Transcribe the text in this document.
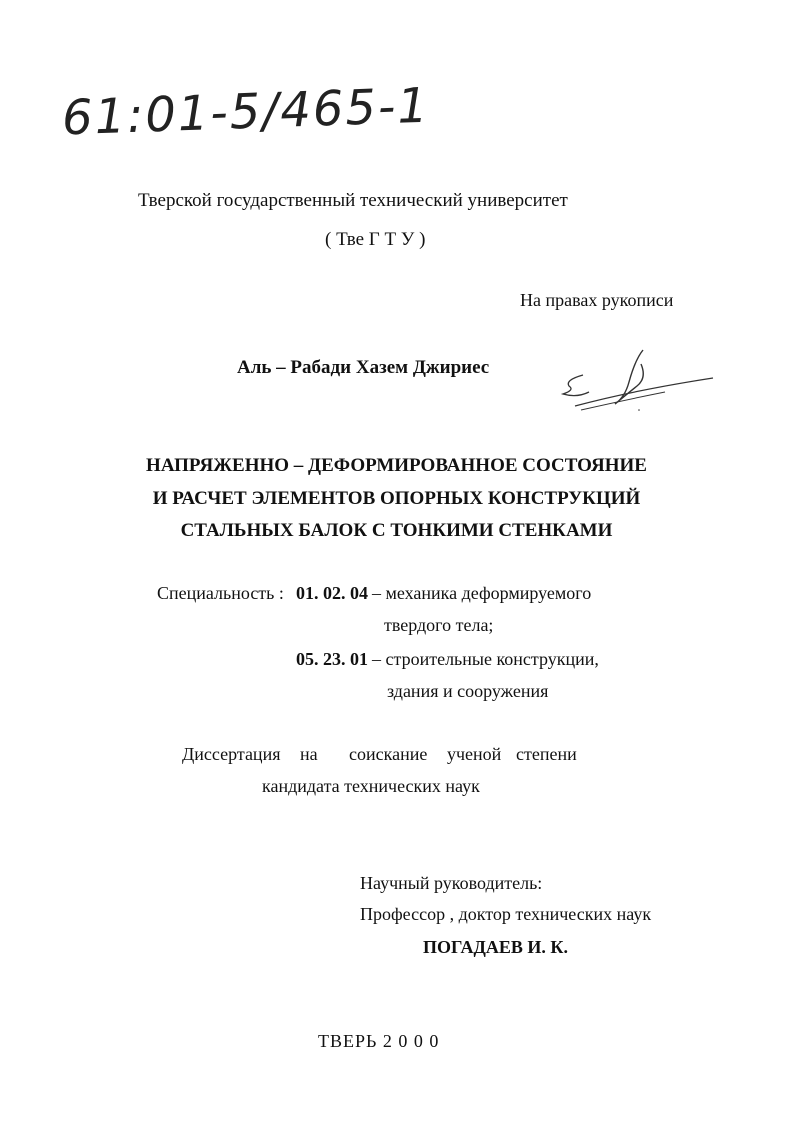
61:01-5/465-1
Тверской государственный технический университет
( Тве Г Т У )
На правах рукописи
Аль – Рабади Хазем Джириес
НАПРЯЖЕННО – ДЕФОРМИРОВАННОЕ СОСТОЯНИЕ
И РАСЧЕТ ЭЛЕМЕНТОВ ОПОРНЫХ КОНСТРУКЦИЙ
СТАЛЬНЫХ БАЛОК С ТОНКИМИ СТЕНКАМИ
Специальность : 01. 02. 04 – механика деформируемого
твердого тела;
05. 23. 01 – строительные конструкции,
здания и сооружения
Диссертация на соискание ученой степени
кандидата технических наук
Научный руководитель:
Профессор , доктор технических наук
ПОГАДАЕВ И. К.
ТВЕРЬ 2 0 0 0
